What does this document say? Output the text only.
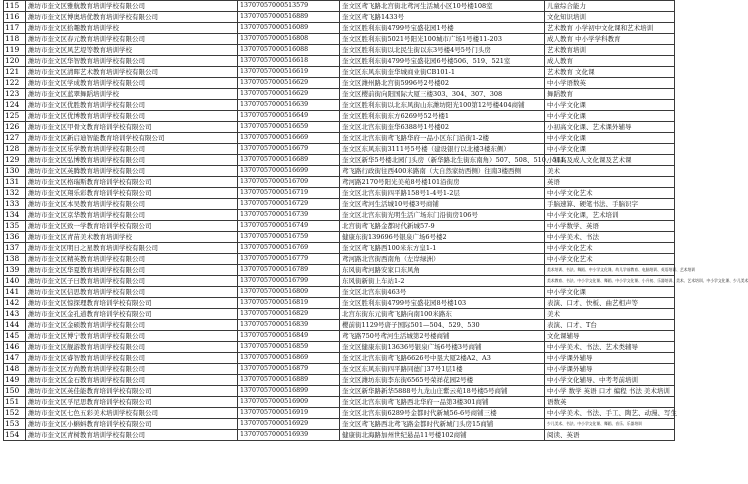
115	潍坊市奎文区雅航教育培训学校有限公司	13707057000513579	奎文区鸢飞路北宫街北鸢河生活城小区10号楼108室	儿童综合能力
116	潍坊市奎文区博奥培优教育培训学校有限公司	13707057000516889	奎文区鸢飞路1433号	文化知识培训
117	潍坊市奎文区拾趣教育培训学校	13707057000516089	奎文区胜利东街4799号宝盛花园1号楼	艺术教育 小学初中文化课和艺术培训
118	潍坊市奎文区春元教育培训学校有限公司	13707057000516808	奎文区胜利东街5021号阳光100城市广场1号楼11-203	成人教育 中小学学科教育
119	潍坊市奎文区风艺堤等教育培训学校	13707057000516088	奎文区胜利东街以北民生街以东3号楼4号5号门头房	艺术教育培训
120	潍坊市奎文区华智教育培训学校有限公司	13707057000516618	奎文区胜利东街4799号宝盛花园6号楼506、519、521室	成人教育
121	潍坊市奎文区清晖艺术教育培训学校有限公司	13707057000516619	奎文区东风东街奎华城商业街CB101-1	艺术教育 文化课
122	潍坊市奎文区学成教育培训学校有限公司	13707057000516629	奎文区潍州路北宫街5996号2号楼02	中小学语数英
123	潍坊市奎文区蓝翠舞蹈培训学校	13707057000516629	奎文区樱前街向阳国际大厦三楼303、304、307、308	舞蹈教育
124	潍坊市奎文区优胜教育培训学校有限公司	13707057000516639	奎文区胜利东街以北东风街山东潍坊阳光100第12号楼404商铺	中小学文化课
125	潍坊市奎文区优博教育培训学校有限公司	13707057000516649	奎文区胜利东街东方6269号52号楼1	中小学文化课
126	潍坊市奎文区甲骨文教育培训学校有限公司	13707057000516659	奎文区北宫东街奎华6388号1号楼02	小初高文化课、艺术课外辅导
127	潍坊市奎文区新启迪智能教育培训学校有限公司	13707057000516669	奎文区北宫东街鸢飞路华府一品小区东门沿街1-2楼	中小学文化课
128	潍坊市奎文区乐学教育培训学校有限公司	13707057000516679	奎文区东风东街3111号5号楼（建设银行以北楼3楼东侧）	中小学文化课
129	潍坊市奎文区弘博教育培训学校有限公司	13707057000516689	奎文区新华5号楼北园门头房（新华路北生街东南角）507、508、510、511	小初高及成人文化课及艺术课
130	潍坊市奎文区英腾教育培训学校有限公司	13707057000516699	鸢飞路行政街往西400米路南（大自然家纺西侧）往南3楼西侧	美术
131	潍坊市奎文区格瑞斯教育培训学校有限公司	13707057000516709	鸢河路2170号阳光美苑8号楼101沿街房	英语
132	潍坊市奎文区翔乐彩教育培训学校有限公司	13707057000516719	奎文区北宫东街四平路158号1-4号1-2层	中小学文化艺术
133	潍坊市奎文区本吴教育培训学校有限公司	13707057000516729	奎文区鸢河生活城10号楼3号商铺	手脑速算、硬笔书法、手脑识字
134	潍坊市奎文区京华教育培训学校有限公司	13707057000516739	奎文区北宫东街光明生活广场东门沿街房106号	中小学文化课，艺术培训
135	潍坊市奎文区致一学教育培训学校有限公司	13707057000516749	北宫街鸢飞路金都时代新城57-9	中小学数学、英语
136	潍坊市奎文区青苗美术教育培训学校	13707057000516759	健康东街139696号银泉广场6号楼2	中小学美术、书法
137	潍坊市奎文区明日之星教育培训学校有限公司	13707057000516769	奎文区鸢飞路西100米东方皇1-1	中小学文化艺术
138	潍坊市奎文区精英教育培训学校有限公司	13707057000516779	鸢河路北宫街西南角（左岸绿洲）	中小学文化艺术
139	潍坊市奎文区华夏教育培训学校有限公司	13707057000516789	东风街鸢河路安家口东风角	美术培训、书法、舞蹈、中小学文化课、幼儿学前教育、电脑培训、英语培训、艺术培训
140	潍坊市奎文区子曰教育培训学校有限公司	13707057000516799	东风街新街上车站1-2	美术教育、书法、中小学文化课、舞蹈、中小学文化课、小升初、乐器培训、美术、艺术培训、中小学文化课、少儿美术
141	潍坊市奎文区信思教育培训学校有限公司	13707057000516809	奎文区北宫东街463号	中小学文化课
142	潍坊市奎文区惊探理教育培训学校有限公司	13707057000516819	奎文区胜利东街4799号宝盛花园8号楼103	表演、口才、快板、曲艺相声等
143	潍坊市奎文区金孔道教育培训学校有限公司	13707057000516829	北宫东街东元街鸢飞路向南100米路东	美术
144	潍坊市奎文区金硕教育培训学校有限公司	13707057000516839	樱前街1129号唐子国际501—504、529、530	表演、口才、T台
145	潍坊市奎文区博宁教育培训学校有限公司	13707057000516849	鸢飞路750号鸢河生活城第2号楼商铺	文化课辅导
146	潍坊市奎文区舰游教育培训学校有限公司	13707057000516859	奎文区健康东街13636号银泉广场6号楼3号商铺	中小学美术、书法、艺术类辅导
147	潍坊市奎文区睿智教育培训学校有限公司	13707057000516869	奎文区北宫东街鸢飞路6626号中垦大厦2楼A2、A3	中小学课外辅导
148	潍坊市奎文区方尚教育培训学校有限公司	13707057000516879	奎文区东风东街四平路同德门37号1层1楼	中小学课外辅导
149	潍坊市奎文区金石教育培训学校有限公司	13707057000516889	奎文区潍坊东街李东街6565号荣祥花园2号楼	中小学文化辅导、中考考前培训
150	潍坊市奎文区英佳能教育培训学校有限公司	13707057000516899	奎文区新华路新华5888号九龙山庄紫云苑18号楼5号商铺	中小学 数学 英语 口才 编程 书法 美术培训
151	潍坊市奎文区孚尼思教育培训学校有限公司	13707057000516909	奎文区北宫东街鸢飞路西北华府一品第3楼301商铺	语数英
152	潍坊市奎文区七色五彩美术培训学校有限公司	13707057000516919	奎文区北宫东街6289号金都时代新城56-6号商铺三楼	中小学美术、书法、手工、陶艺、动漫、写生
153	潍坊市奎文区小蝌蚪教育培训学校有限公司	13707057000516929	奎文区鸢飞路西北鸢飞路金都时代新城门头房15商铺	少儿美术、书法、中小学文化课、舞蹈、音乐、乐器培训
154	潍坊市奎文区青树教育培训学校有限公司	13707057000516939	健康街北海路加州世纪悬品11号楼102商铺	阅读、英语
